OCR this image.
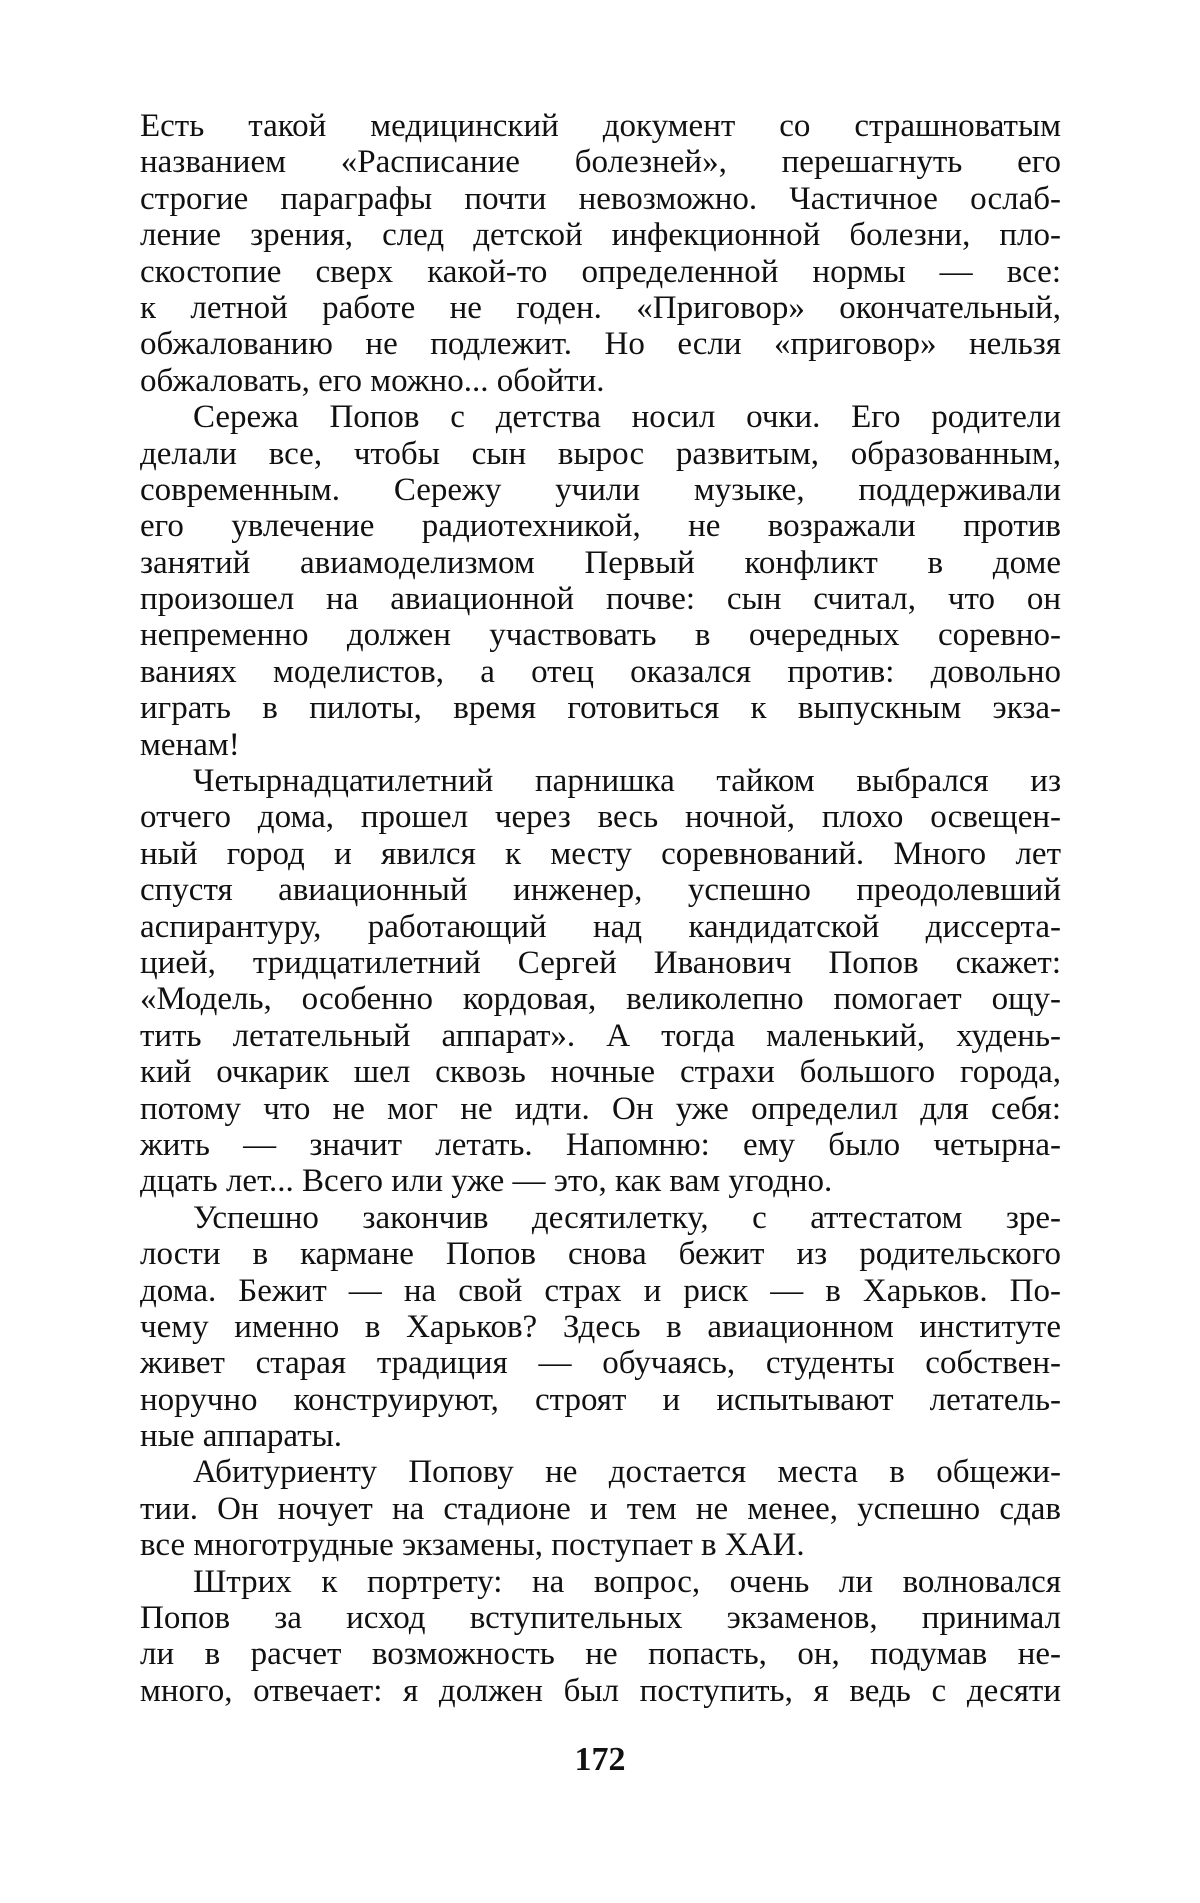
Есть такой медицинский документ со страшноватым
названием «Расписание болезней», перешагнуть его
строгие параграфы почти невозможно. Частичное ослаб-
ление зрения, след детской инфекционной болезни, пло-
скостопие сверх какой-то определенной нормы — все:
к летной работе не годен. «Приговор» окончательный,
обжалованию не подлежит. Но если «приговор» нельзя
обжаловать, его можно... обойти.
Сережа Попов с детства носил очки. Его родители
делали все, чтобы сын вырос развитым, образованным,
современным. Сережу учили музыке, поддерживали
его увлечение радиотехникой, не возражали против
занятий авиамоделизмом Первый конфликт в доме
произошел на авиационной почве: сын считал, что он
непременно должен участвовать в очередных соревно-
ваниях моделистов, а отец оказался против: довольно
играть в пилоты, время готовиться к выпускным экза-
менам!
Четырнадцатилетний парнишка тайком выбрался из
отчего дома, прошел через весь ночной, плохо освещен-
ный город и явился к месту соревнований. Много лет
спустя авиационный инженер, успешно преодолевший
аспирантуру, работающий над кандидатской диссерта-
цией, тридцатилетний Сергей Иванович Попов скажет:
«Модель, особенно кордовая, великолепно помогает ощу-
тить летательный аппарат». А тогда маленький, худень-
кий очкарик шел сквозь ночные страхи большого города,
потому что не мог не идти. Он уже определил для себя:
жить — значит летать. Напомню: ему было четырна-
дцать лет... Всего или уже — это, как вам угодно.
Успешно закончив десятилетку, с аттестатом зре-
лости в кармане Попов снова бежит из родительского
дома. Бежит — на свой страх и риск — в Харьков. По-
чему именно в Харьков? Здесь в авиационном институте
живет старая традиция — обучаясь, студенты собствен-
норучно конструируют, строят и испытывают летатель-
ные аппараты.
Абитуриенту Попову не достается места в общежи-
тии. Он ночует на стадионе и тем не менее, успешно сдав
все многотрудные экзамены, поступает в ХАИ.
Штрих к портрету: на вопрос, очень ли волновался
Попов за исход вступительных экзаменов, принимал
ли в расчет возможность не попасть, он, подумав не-
много, отвечает: я должен был поступить, я ведь с десяти
172
